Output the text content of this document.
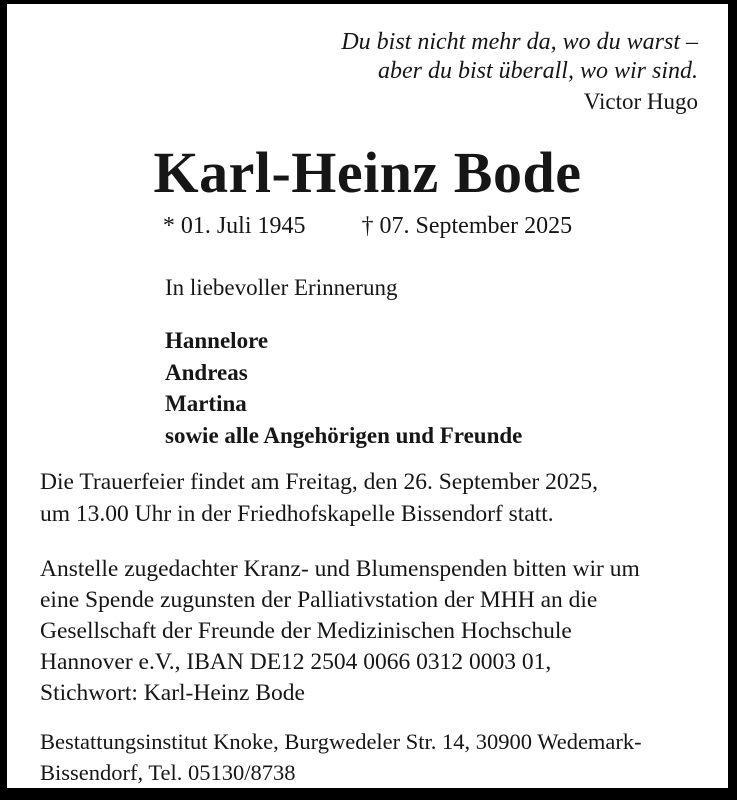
Du bist nicht mehr da, wo du warst –
aber du bist überall, wo wir sind.
Victor Hugo
Karl-Heinz Bode
* 01. Juli 1945 † 07. September 2025
In liebevoller Erinnerung
Hannelore
Andreas
Martina
sowie alle Angehörigen und Freunde
Die Trauerfeier findet am Freitag, den 26. September 2025,
um 13.00 Uhr in der Friedhofskapelle Bissendorf statt.
Anstelle zugedachter Kranz- und Blumenspenden bitten wir um
eine Spende zugunsten der Palliativstation der MHH an die
Gesellschaft der Freunde der Medizinischen Hochschule
Hannover e.V., IBAN DE12 2504 0066 0312 0003 01,
Stichwort: Karl-Heinz Bode
Bestattungsinstitut Knoke, Burgwedeler Str. 14, 30900 Wedemark-
Bissendorf, Tel. 05130/8738
